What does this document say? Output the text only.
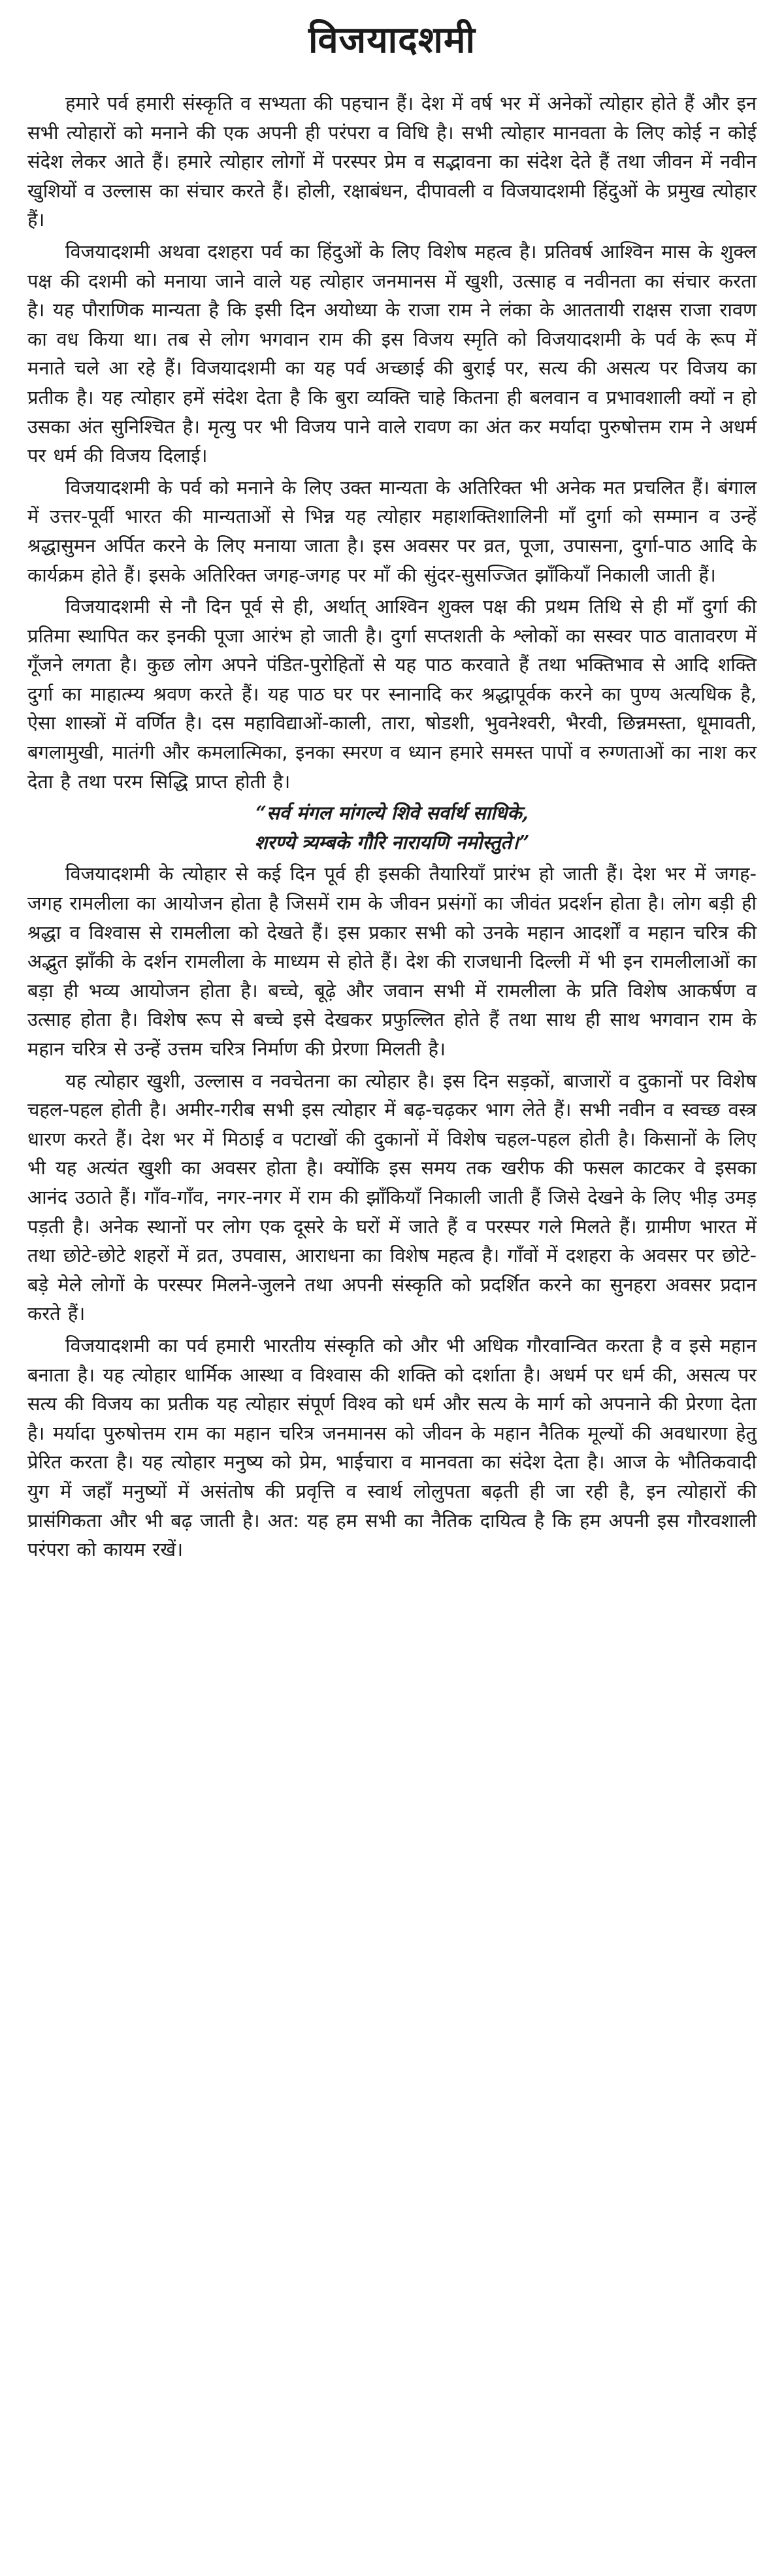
विजयादशमी

हमारे पर्व हमारी संस्कृति व सभ्यता की पहचान हैं। देश में वर्ष भर में अनेकों त्योहार होते हैं और इन सभी त्योहारों को मनाने की एक अपनी ही परंपरा व विधि है। सभी त्योहार मानवता के लिए कोई न कोई संदेश लेकर आते हैं। हमारे त्योहार लोगों में परस्पर प्रेम व सद्भावना का संदेश देते हैं तथा जीवन में नवीन खुशियों व उल्लास का संचार करते हैं। होली, रक्षाबंधन, दीपावली व विजयादशमी हिंदुओं के प्रमुख त्योहार हैं।

विजयादशमी अथवा दशहरा पर्व का हिंदुओं के लिए विशेष महत्व है। प्रतिवर्ष आश्विन मास के शुक्ल पक्ष की दशमी को मनाया जाने वाले यह त्योहार जनमानस में खुशी, उत्साह व नवीनता का संचार करता है। यह पौराणिक मान्यता है कि इसी दिन अयोध्या के राजा राम ने लंका के आततायी राक्षस राजा रावण का वध किया था। तब से लोग भगवान राम की इस विजय स्मृति को विजयादशमी के पर्व के रूप में मनाते चले आ रहे हैं। विजयादशमी का यह पर्व अच्छाई की बुराई पर, सत्य की असत्य पर विजय का प्रतीक है। यह त्योहार हमें संदेश देता है कि बुरा व्यक्ति चाहे कितना ही बलवान व प्रभावशाली क्यों न हो उसका अंत सुनिश्चित है। मृत्यु पर भी विजय पाने वाले रावण का अंत कर मर्यादा पुरुषोत्तम राम ने अधर्म पर धर्म की विजय दिलाई।

विजयादशमी के पर्व को मनाने के लिए उक्त मान्यता के अतिरिक्त भी अनेक मत प्रचलित हैं। बंगाल में उत्तर-पूर्वी भारत की मान्यताओं से भिन्न यह त्योहार महाशक्तिशालिनी माँ दुर्गा को सम्मान व उन्हें श्रद्धासुमन अर्पित करने के लिए मनाया जाता है। इस अवसर पर व्रत, पूजा, उपासना, दुर्गा-पाठ आदि के कार्यक्रम होते हैं। इसके अतिरिक्त जगह-जगह पर माँ की सुंदर-सुसज्जित झाँकियाँ निकाली जाती हैं।

विजयादशमी से नौ दिन पूर्व से ही, अर्थात् आश्विन शुक्ल पक्ष की प्रथम तिथि से ही माँ दुर्गा की प्रतिमा स्थापित कर इनकी पूजा आरंभ हो जाती है। दुर्गा सप्तशती के श्लोकों का सस्वर पाठ वातावरण में गूँजने लगता है। कुछ लोग अपने पंडित-पुरोहितों से यह पाठ करवाते हैं तथा भक्तिभाव से आदि शक्ति दुर्गा का माहात्म्य श्रवण करते हैं। यह पाठ घर पर स्नानादि कर श्रद्धापूर्वक करने का पुण्य अत्यधिक है, ऐसा शास्त्रों में वर्णित है। दस महाविद्याओं-काली, तारा, षोडशी, भुवनेश्वरी, भैरवी, छिन्नमस्ता, धूमावती, बगलामुखी, मातंगी और कमलात्मिका, इनका स्मरण व ध्यान हमारे समस्त पापों व रुग्णताओं का नाश कर देता है तथा परम सिद्धि प्राप्त होती है।

“सर्व मंगल मांगल्ये शिवे सर्वार्थ साधिके,
शरण्ये त्र्यम्बके गौरि नारायणि नमोस्तुते।”

विजयादशमी के त्योहार से कई दिन पूर्व ही इसकी तैयारियाँ प्रारंभ हो जाती हैं। देश भर में जगह-जगह रामलीला का आयोजन होता है जिसमें राम के जीवन प्रसंगों का जीवंत प्रदर्शन होता है। लोग बड़ी ही श्रद्धा व विश्वास से रामलीला को देखते हैं। इस प्रकार सभी को उनके महान आदर्शों व महान चरित्र की अद्भुत झाँकी के दर्शन रामलीला के माध्यम से होते हैं। देश की राजधानी दिल्ली में भी इन रामलीलाओं का बड़ा ही भव्य आयोजन होता है। बच्चे, बूढ़े और जवान सभी में रामलीला के प्रति विशेष आकर्षण व उत्साह होता है। विशेष रूप से बच्चे इसे देखकर प्रफुल्लित होते हैं तथा साथ ही साथ भगवान राम के महान चरित्र से उन्हें उत्तम चरित्र निर्माण की प्रेरणा मिलती है।

यह त्योहार खुशी, उल्लास व नवचेतना का त्योहार है। इस दिन सड़कों, बाजारों व दुकानों पर विशेष चहल-पहल होती है। अमीर-गरीब सभी इस त्योहार में बढ़-चढ़कर भाग लेते हैं। सभी नवीन व स्वच्छ वस्त्र धारण करते हैं। देश भर में मिठाई व पटाखों की दुकानों में विशेष चहल-पहल होती है। किसानों के लिए भी यह अत्यंत खुशी का अवसर होता है। क्योंकि इस समय तक खरीफ की फसल काटकर वे इसका आनंद उठाते हैं। गाँव-गाँव, नगर-नगर में राम की झाँकियाँ निकाली जाती हैं जिसे देखने के लिए भीड़ उमड़ पड़ती है। अनेक स्थानों पर लोग एक दूसरे के घरों में जाते हैं व परस्पर गले मिलते हैं। ग्रामीण भारत में तथा छोटे-छोटे शहरों में व्रत, उपवास, आराधना का विशेष महत्व है। गाँवों में दशहरा के अवसर पर छोटे-बड़े मेले लोगों के परस्पर मिलने-जुलने तथा अपनी संस्कृति को प्रदर्शित करने का सुनहरा अवसर प्रदान करते हैं।

विजयादशमी का पर्व हमारी भारतीय संस्कृति को और भी अधिक गौरवान्वित करता है व इसे महान बनाता है। यह त्योहार धार्मिक आस्था व विश्वास की शक्ति को दर्शाता है। अधर्म पर धर्म की, असत्य पर सत्य की विजय का प्रतीक यह त्योहार संपूर्ण विश्व को धर्म और सत्य के मार्ग को अपनाने की प्रेरणा देता है। मर्यादा पुरुषोत्तम राम का महान चरित्र जनमानस को जीवन के महान नैतिक मूल्यों की अवधारणा हेतु प्रेरित करता है। यह त्योहार मनुष्य को प्रेम, भाईचारा व मानवता का संदेश देता है। आज के भौतिकवादी युग में जहाँ मनुष्यों में असंतोष की प्रवृत्ति व स्वार्थ लोलुपता बढ़ती ही जा रही है, इन त्योहारों की प्रासंगिकता और भी बढ़ जाती है। अत: यह हम सभी का नैतिक दायित्व है कि हम अपनी इस गौरवशाली परंपरा को कायम रखें।
